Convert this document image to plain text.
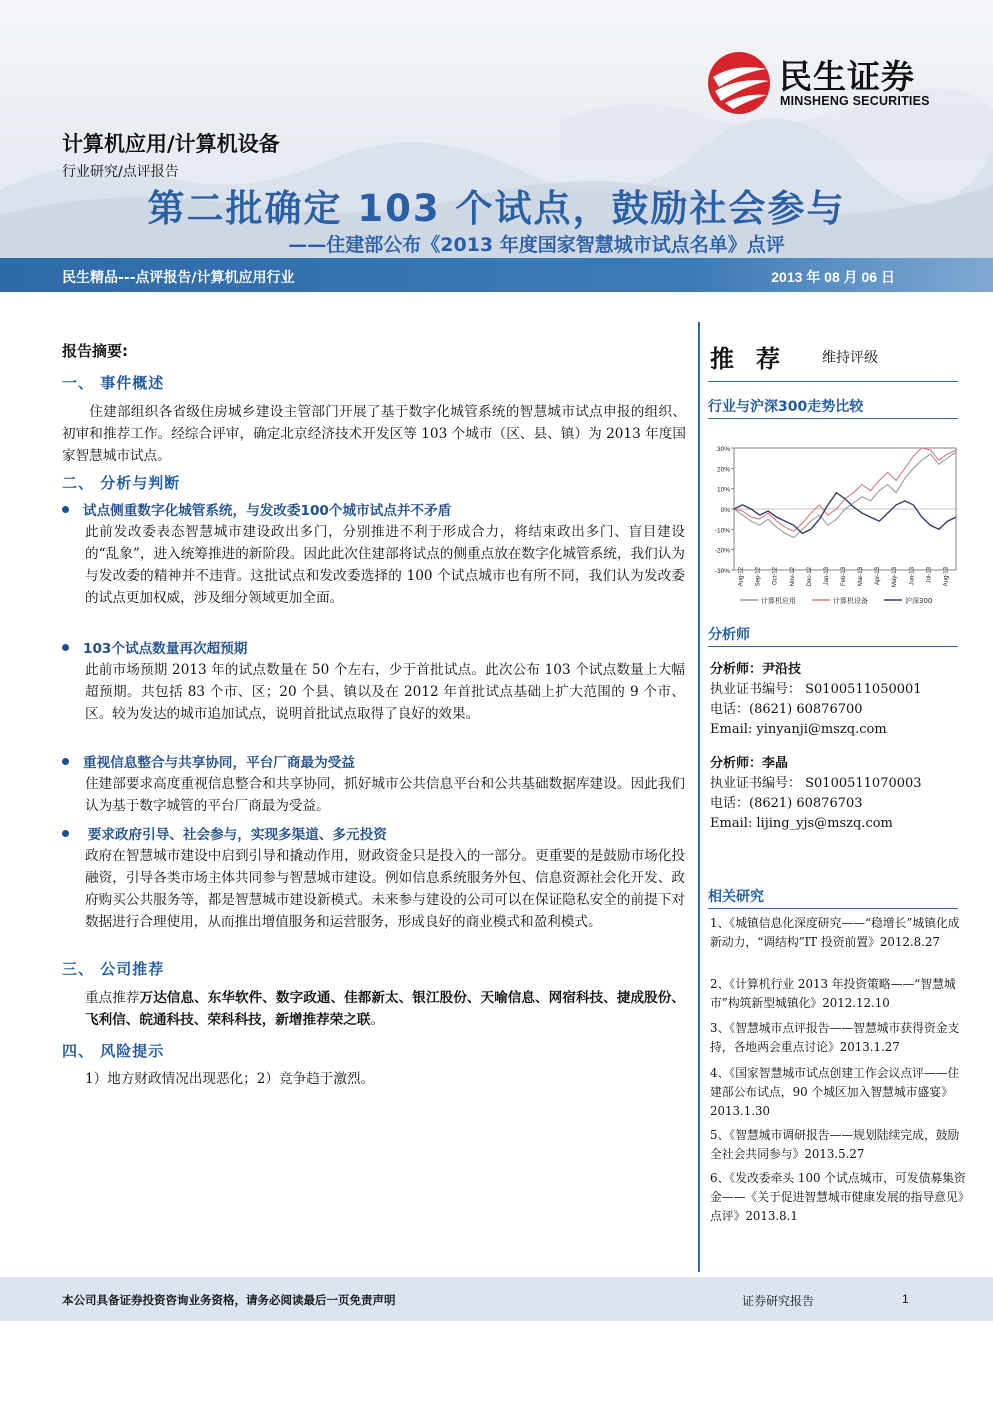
民生证券
MINSHENG SECURITIES
计算机应用/计算机设备
行业研究/点评报告
第二批确定 103 个试点，鼓励社会参与
——住建部公布《2013 年度国家智慧城市试点名单》点评
民生精品---点评报告/计算机应用行业	2013 年 08 月 06 日
报告摘要:
一、 事件概述
住建部组织各省级住房城乡建设主管部门开展了基于数字化城管系统的智慧城市试点申报的组织、初审和推荐工作。经综合评审，确定北京经济技术开发区等 103 个城市（区、县、镇）为 2013 年度国家智慧城市试点。
二、 分析与判断
试点侧重数字化城管系统，与发改委100个城市试点并不矛盾
此前发改委表态智慧城市建设政出多门，分别推进不利于形成合力，将结束政出多门、盲目建设的“乱象”，进入统筹推进的新阶段。因此此次住建部将试点的侧重点放在数字化城管系统，我们认为与发改委的精神并不违背。这批试点和发改委选择的 100 个试点城市也有所不同，我们认为发改委的试点更加权威，涉及细分领域更加全面。
103个试点数量再次超预期
此前市场预期 2013 年的试点数量在 50 个左右，少于首批试点。此次公布 103 个试点数量上大幅超预期。共包括 83 个市、区；20 个县、镇以及在 2012 年首批试点基础上扩大范围的 9 个市、区。较为发达的城市追加试点，说明首批试点取得了良好的效果。
重视信息整合与共享协同，平台厂商最为受益
住建部要求高度重视信息整合和共享协同，抓好城市公共信息平台和公共基础数据库建设。因此我们认为基于数字城管的平台厂商最为受益。
要求政府引导、社会参与，实现多渠道、多元投资
政府在智慧城市建设中启到引导和撬动作用，财政资金只是投入的一部分。更重要的是鼓励市场化投融资，引导各类市场主体共同参与智慧城市建设。例如信息系统服务外包、信息资源社会化开发、政府购买公共服务等，都是智慧城市建设新模式。未来参与建设的公司可以在保证隐私安全的前提下对数据进行合理使用，从而推出增值服务和运营服务，形成良好的商业模式和盈利模式。
三、 公司推荐
重点推荐万达信息、东华软件、数字政通、佳都新太、银江股份、天喻信息、网宿科技、捷成股份、飞利信、皖通科技、荣科科技，新增推荐荣之联。
四、 风险提示
1）地方财政情况出现恶化；2）竞争趋于激烈。
推荐 维持评级
行业与沪深300走势比较
30%
20%
10%
0%
-10%
-20%
-30% Aug-12 Sep-12 Oct-12 Nov-12 Dec-12 Jan-13 Feb-13 Mar-13 Apr-13 May-13 Jun-13 Jul-13 Aug-13
计算机应用	计算机设备	沪深300
分析师
分析师：尹沿技
执业证书编号： S0100511050001
电话：(8621) 60876700
Email: yinyanji@mszq.com
分析师：李晶
执业证书编号： S0100511070003
电话：(8621) 60876703
Email: lijing_yjs@mszq.com
相关研究
1、《城镇信息化深度研究——“稳增长”城镇化成新动力，“调结构”IT 投资前置》2012.8.27
2、《计算机行业 2013 年投资策略——“智慧城市”构筑新型城镇化》2012.12.10
3、《智慧城市点评报告——智慧城市获得资金支持，各地两会重点讨论》2013.1.27
4、《国家智慧城市试点创建工作会议点评——住建部公布试点，90 个城区加入智慧城市盛宴》2013.1.30
5、《智慧城市调研报告——规划陆续完成，鼓励全社会共同参与》2013.5.27
6、《发改委牵头 100 个试点城市，可发债募集资金——《关于促进智慧城市健康发展的指导意见》点评》2013.8.1
本公司具备证券投资咨询业务资格，请务必阅读最后一页免责声明	证券研究报告	1
